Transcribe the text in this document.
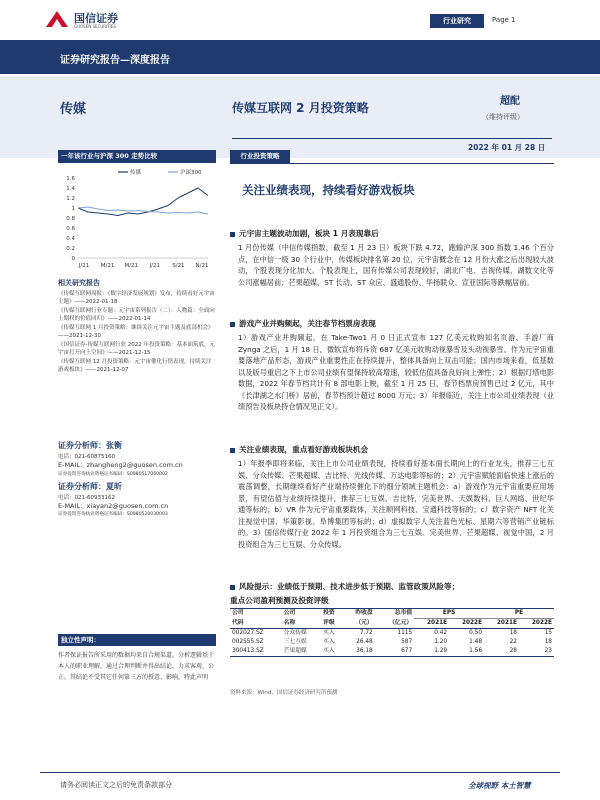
国信证券
GUOSEN SECURITIES
行业研究	Page 1
证券研究报告—深度报告
传媒	传媒互联网 2 月投资策略	超配
（维持评级）
2022 年 01 月 28 日
一年该行业与沪深 300 走势比较
0
0.2
0.4
0.6
0.8
1
1.2
1.4
1.6
J/21 M/21 M/21 J/21 S/21 N/21
传媒	沪深300
相关研究报告
《传媒互联网周报：《数字经济发展规划》发布，持续看好元宇宙主题》——2022-01-18
《传媒互联网行业专题：元宇宙系列报告（二）：人物篇：全面向上期权的价值回归》——2022-01-14
《传媒互联网 1 月投资策略：继续关注元宇宙主题及底部机会》——2021-12-30
《国信证券-传媒互联网行业 2022 年投资策略：基本面筑底，元宇宙打开向上空间》——2021-12-15
《传媒互联网 12 月投资策略：元宇宙催化行情表现，持续关注游戏板块》——2021-12-07
证券分析师：张衡
电话：021-60875160
E-MAIL：zhangheng2@guosen.com.cn
证券投资咨询执业资格证书编码：S0980517060002
证券分析师：夏昕
电话：021-60933162
E-MAIL：xiayan2@guosen.com.cn
证券投资咨询执业资格证书编码：S0980520030003
独立性声明：
作者保证报告所采用的数据均来自合规渠道，分析逻辑基于本人的职业理解，通过合理判断并得出结论，力求客观、公正。其结论不受其它任何第三方的授意、影响，特此声明
行业投资策略
关注业绩表现，持续看好游戏板块
元宇宙主题波动加剧，板块 1 月表现靠后
1 月份传媒（中信传媒指数，截至 1 月 23 日）板块下跌 4.72，跑输沪深 300 指数 1.46 个百分点，在中信一级 30 个行业中，传媒板块排名第 20 位，元宇宙概念在 12 月份大涨之后出现较大波动，个股表现分化加大。个股表现上，国有传媒公司表现较好，湖北广电、吉视传媒、湖数文化等公司涨幅居前；芒果超媒、ST 长动、ST 众应、盛通股份、华扬联众、宣亚国际等跌幅居前。
游戏产业并购频起，关注春节档票房表现
1）游戏产业并购频起，在 Take-Two1 月 0 日正式宣布 127 亿美元收购知名页游、手游厂商 Zynga 之后，1 月 18 日，微软宣布将斥资 687 亿美元收购动视暴雪及头动视暴雪。作为元宇宙重要落地产品形态，游戏产业重要性正在持续提升，整体具备向上双击可能；国内市场来看，低基数以及版号重启之下上市公司业绩有望保持较高增速，较低估值具备良好向上弹性；2）根据灯塔电影数据，2022 年春节档共计有 8 部电影上映，截至 1 月 25 日，春节档票房预售已过 2 亿元，其中《长津湖之水门桥》居前，春节档预计超过 8000 万元；3）年报临近，关注上市公司业绩表现（业绩预告及板块持仓情况见正文）。
关注业绩表现，重点看好游戏板块机会
1）年报季即将来临，关注上市公司业绩表现，持续看好基本面长期向上的行业龙头，推荐三七互娱、分众传媒、芒果超媒、吉比特、光线传媒、万达电影等标的；2）元宇宙赋能面临快速上涨后的震荡调整，长期继续看好产业端持续催化下的细分领域主题机会：a）游戏作为元宇宙重要应用场景，有望估值与业绩持续提升，推荐三七互娱、吉比特，完美世界、天娱数科、巨人网络、世纪华通等标的；b）VR 作为元宇宙重要载体，关注顺网科技、宝通科技等标的；c）数字资产 NFT 化关注视觉中国、华策影视、阜博集团等标的；d）虚拟数字人关注蓝色光标、星期六等营销产业链标的。3）国信传媒行业 2022 年 1 月投资组合为三七互娱、完美世界、芒果超媒、视觉中国，2 月投资组合为三七互娱、分众传媒。
风险提示：业绩低于预期、技术进步低于预期、监管政策风险等；
重点公司盈利预测及投资评级
公司	公司	投资	昨收盘	总市值	EPS		PE	
代码	名称	评级	（元）	（亿元）	2021E	2022E	2021E	2022E
002027.SZ	分众传媒	买入	7.72	1115	0.42	0.50	18	15
002555.SZ	三七互娱	买入	26.48	587	1.20	1.48	22	18
300413.SZ	芒果超媒	买入	36.18	677	1.29	1.56	28	23
资料来源：Wind、国信证券经济研究所预测
请务必阅读正文之后的免责条款部分	全球视野 本土智慧
